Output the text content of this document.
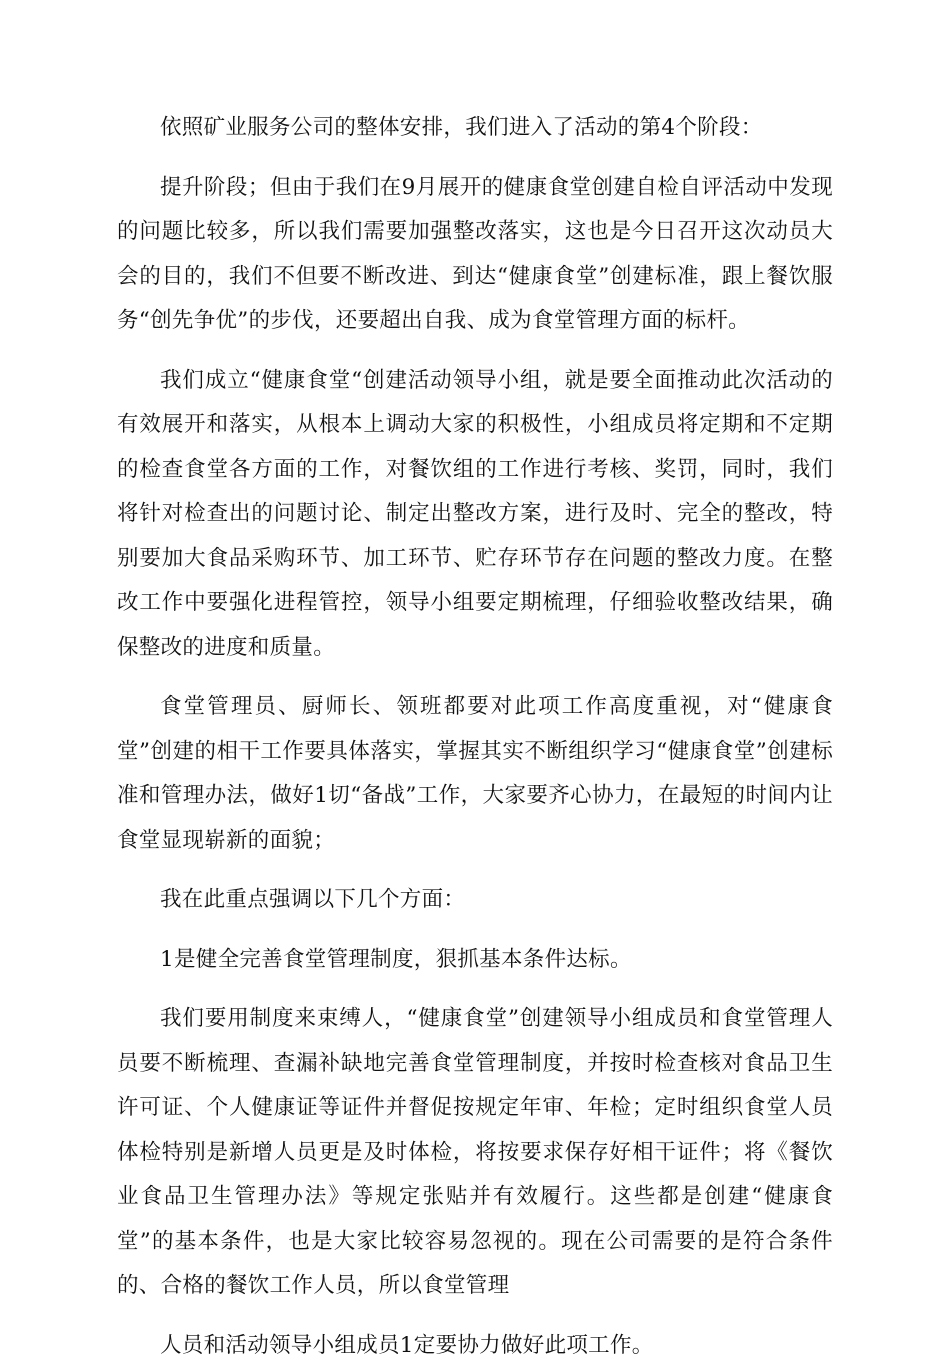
依照矿业服务公司的整体安排，我们进入了活动的第4个阶段：

提升阶段；但由于我们在9月展开的健康食堂创建自检自评活动中发现的问题比较多，所以我们需要加强整改落实，这也是今日召开这次动员大会的目的，我们不但要不断改进、到达“健康食堂”创建标准，跟上餐饮服务“创先争优”的步伐，还要超出自我、成为食堂管理方面的标杆。

我们成立“健康食堂“创建活动领导小组，就是要全面推动此次活动的有效展开和落实，从根本上调动大家的积极性，小组成员将定期和不定期的检查食堂各方面的工作，对餐饮组的工作进行考核、奖罚，同时，我们将针对检查出的问题讨论、制定出整改方案，进行及时、完全的整改，特别要加大食品采购环节、加工环节、贮存环节存在问题的整改力度。在整改工作中要强化进程管控，领导小组要定期梳理，仔细验收整改结果，确保整改的进度和质量。

食堂管理员、厨师长、领班都要对此项工作高度重视，对“健康食堂”创建的相干工作要具体落实，掌握其实不断组织学习“健康食堂”创建标准和管理办法，做好1切“备战”工作，大家要齐心协力，在最短的时间内让食堂显现崭新的面貌；

我在此重点强调以下几个方面：

1是健全完善食堂管理制度，狠抓基本条件达标。

我们要用制度来束缚人，“健康食堂”创建领导小组成员和食堂管理人员要不断梳理、查漏补缺地完善食堂管理制度，并按时检查核对食品卫生许可证、个人健康证等证件并督促按规定年审、年检；定时组织食堂人员体检特别是新增人员更是及时体检，将按要求保存好相干证件；将《餐饮业食品卫生管理办法》等规定张贴并有效履行。这些都是创建“健康食堂”的基本条件，也是大家比较容易忽视的。现在公司需要的是符合条件的、合格的餐饮工作人员，所以食堂管理

人员和活动领导小组成员1定要协力做好此项工作。
